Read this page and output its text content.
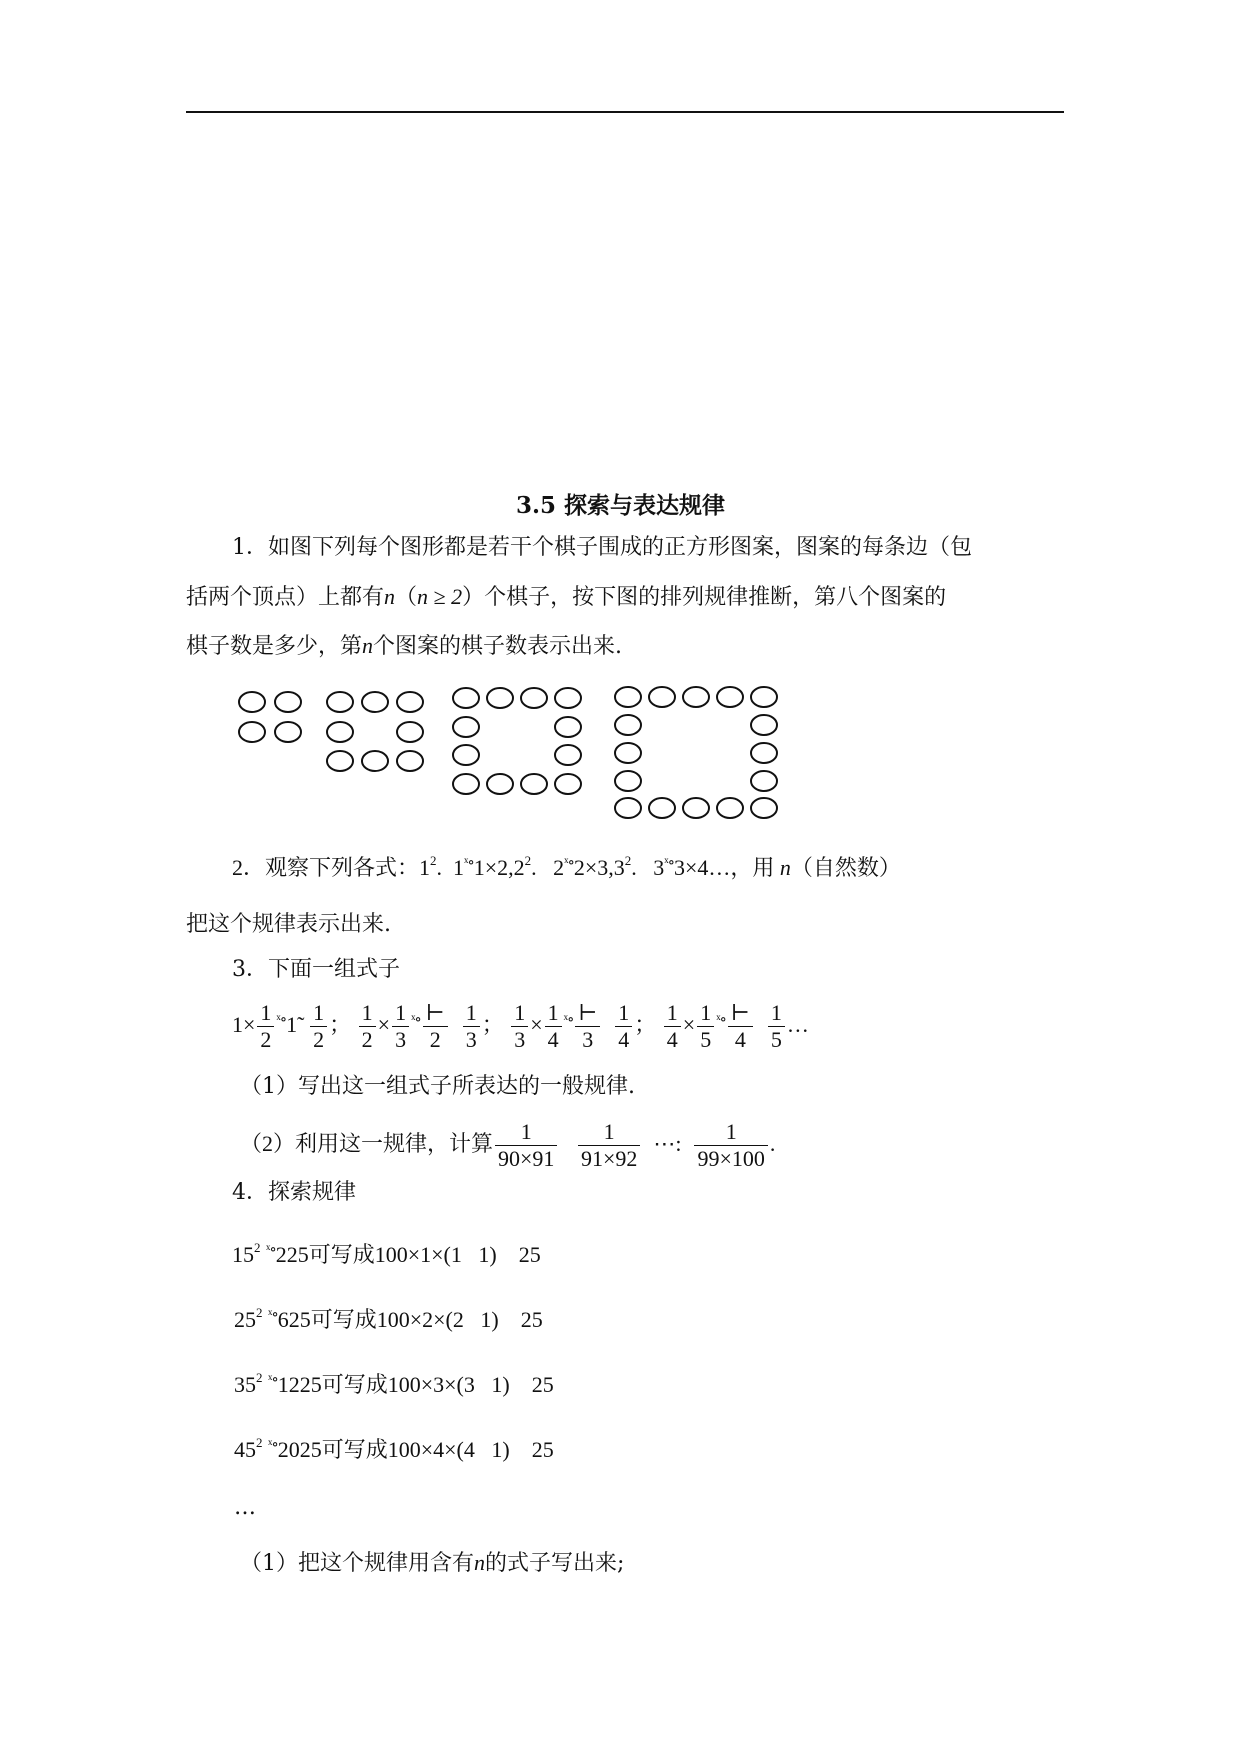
3.5 探索与表达规律
1．如图下列每个图形都是若干个棋子围成的正方形图案，图案的每条边（包
括两个顶点）上都有n（n ≥ 2）个棋子，按下图的排列规律推断，第八个图案的
棋子数是多少，第n个图案的棋子数表示出来.
2．观察下列各式：$1^2$. $1^{ˣ\circ}1\times 2,2^2$.   $2^{ˣ\circ}2\times 3,3^2$.   $3^{ˣ\circ}3\times 4\dots$，用 n（自然数）
把这个规律表示出来.
3．下面一组式子
$1\times \frac{1}{2}$ $^{ˣ\circ}$1̃ $\frac{1}{2}$ ； $\frac{1}{2} \times \frac{1}{3} ^{ˣ\circ} \frac{⊢}{2}$
$\frac{1}{3}$ ； $\frac{1}{3} \times \frac{1}{4} ^{ˣ\circ} \frac{⊢}{3}$
$\frac{1}{4}$ ； $\frac{1}{4} \times \frac{1}{5} ^{ˣ\circ} \frac{⊢}{4}$
$\frac{1}{5}$ …
（1）写出这一组式子所表达的一般规律.
（2）利用这一规律，计算 $\frac{1}{90\times 91}$
$\frac{1}{91\times 92}$ ⋯: $\frac{1}{99\times 100}$ .
4．探索规律
$15^2$ $^{ˣ\circ}$225可写成100×1×(1 1) 25
$25^2$ $^{ˣ\circ}$625可写成100×2×(2 1) 25
$35^2$ $^{ˣ\circ}$1225可写成100×3×(3 1) 25
$45^2$ $^{ˣ\circ}$2025可写成100×4×(4 1) 25
…
（1）把这个规律用含有n的式子写出来;
